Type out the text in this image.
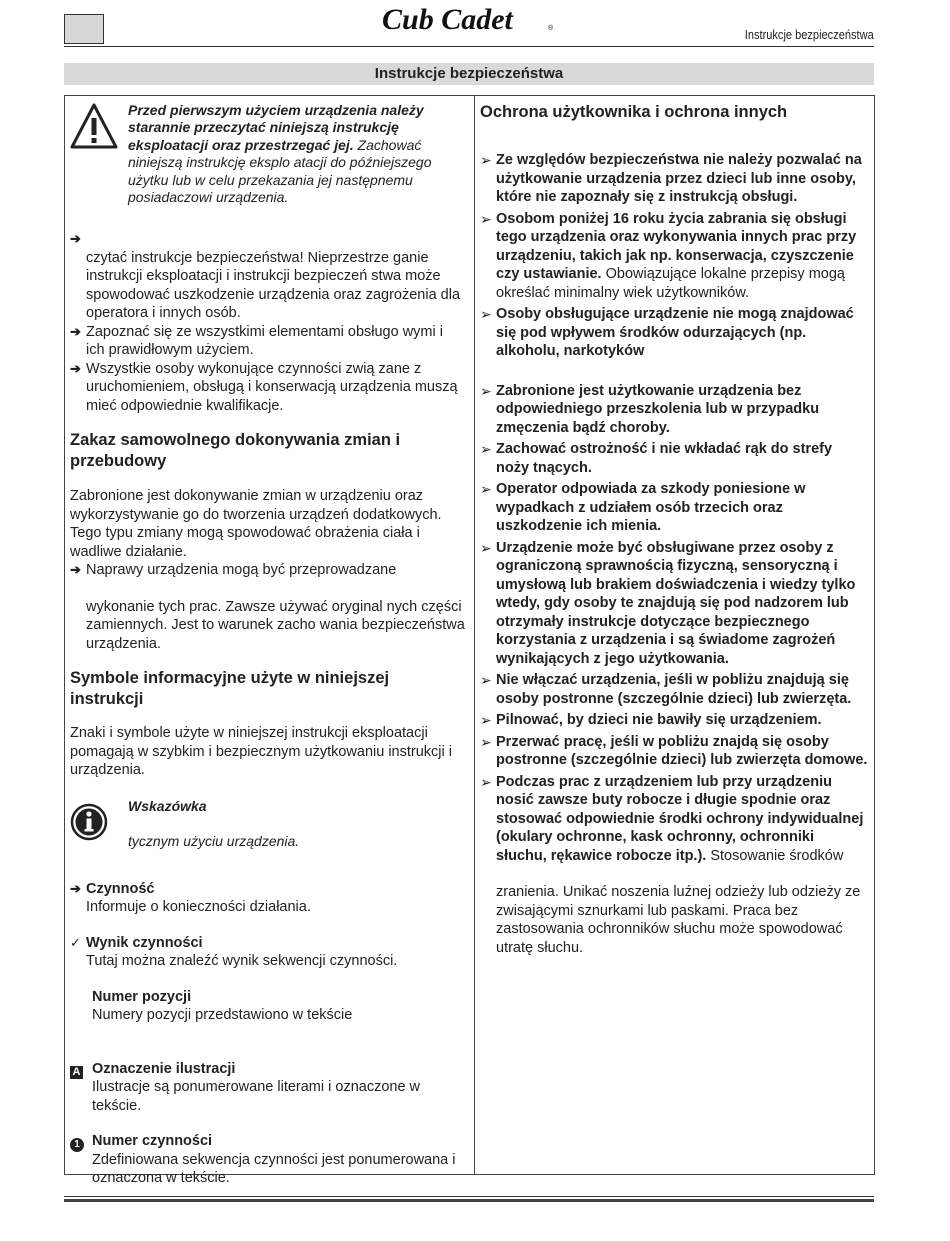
Cub Cadet	®	Instrukcje bezpieczeństwa
Instrukcje bezpieczeństwa

Przed pierwszym użyciem urządzenia należy starannie przeczytać niniejszą instrukcję eksploatacji oraz przestrzegać jej. Zachować niniejszą instrukcję eksplo atacji do późniejszego użytku lub w celu przekazania jej następnemu posiadaczowi urządzenia.

➔

czytać instrukcje bezpieczeństwa! Nieprzestrze ganie instrukcji eksploatacji i instrukcji bezpieczeń stwa może spowodować uszkodzenie urządzenia oraz zagrożenia dla operatora i innych osób.

➔ Zapoznać się ze wszystkimi elementami obsługo wymi i ich prawidłowym użyciem.

➔ Wszystkie osoby wykonujące czynności zwią zane z uruchomieniem, obsługą i konserwacją urządzenia muszą mieć odpowiednie kwalifikacje.

Zakaz samowolnego dokonywania zmian i przebudowy

Zabronione jest dokonywanie zmian w urządzeniu oraz wykorzystywanie go do tworzenia urządzeń dodatkowych. Tego typu zmiany mogą spowodować obrażenia ciała i wadliwe działanie.

➔ Naprawy urządzenia mogą być przeprowadzane

wykonanie tych prac. Zawsze używać oryginal nych części zamiennych. Jest to warunek zacho wania bezpieczeństwa urządzenia.

Symbole informacyjne użyte w niniejszej instrukcji

Znaki i symbole użyte w niniejszej instrukcji eksploatacji pomagają w szybkim i bezpiecznym użytkowaniu instrukcji i urządzenia.

Wskazówka

tycznym użyciu urządzenia.

➔ Czynność

Informuje o konieczności działania.

✓ Wynik czynności

Tutaj można znaleźć wynik sekwencji czynności.

Numer pozycji
Numery pozycji przedstawiono w tekście

A Oznaczenie ilustracji
Ilustracje są ponumerowane literami i oznaczone w tekście.

1 Numer czynności
Zdefiniowana sekwencja czynności jest ponumerowana i oznaczona w tekście.

Ochrona użytkownika i ochrona innych

➢ Ze względów bezpieczeństwa nie należy pozwalać na użytkowanie urządzenia przez dzieci lub inne osoby, które nie zapoznały się z instrukcją obsługi.

➢ Osobom poniżej 16 roku życia zabrania się obsługi tego urządzenia oraz wykonywania innych prac przy urządzeniu, takich jak np. konserwacja, czyszczenie czy ustawianie. Obowiązujące lokalne przepisy mogą określać minimalny wiek użytkowników.

➢ Osoby obsługujące urządzenie nie mogą znajdować się pod wpływem środków odurzających (np. alkoholu, narkotyków

➢ Zabronione jest użytkowanie urządzenia bez odpowiedniego przeszkolenia lub w przypadku zmęczenia bądź choroby.

➢ Zachować ostrożność i nie wkładać rąk do strefy noży tnących.

➢ Operator odpowiada za szkody poniesione w wypadkach z udziałem osób trzecich oraz uszkodzenie ich mienia.

➢ Urządzenie może być obsługiwane przez osoby z ograniczoną sprawnością fizyczną, sensoryczną i umysłową lub brakiem doświadczenia i wiedzy tylko wtedy, gdy osoby te znajdują się pod nadzorem lub otrzymały instrukcje dotyczące bezpiecznego korzystania z urządzenia i są świadome zagrożeń wynikających z jego użytkowania.

➢ Nie włączać urządzenia, jeśli w pobliżu znajdują się osoby postronne (szczególnie dzieci) lub zwierzęta.

➢ Pilnować, by dzieci nie bawiły się urządzeniem.

➢ Przerwać pracę, jeśli w pobliżu znajdą się osoby postronne (szczególnie dzieci) lub zwierzęta domowe.

➢ Podczas prac z urządzeniem lub przy urządzeniu nosić zawsze buty robocze i długie spodnie oraz stosować odpowiednie środki ochrony indywidualnej (okulary ochronne, kask ochronny, ochronniki słuchu, rękawice robocze itp.). Stosowanie środków

zranienia. Unikać noszenia luźnej odzieży lub odzieży ze zwisającymi sznurkami lub paskami. Praca bez zastosowania ochronników słuchu może spowodować utratę słuchu.
